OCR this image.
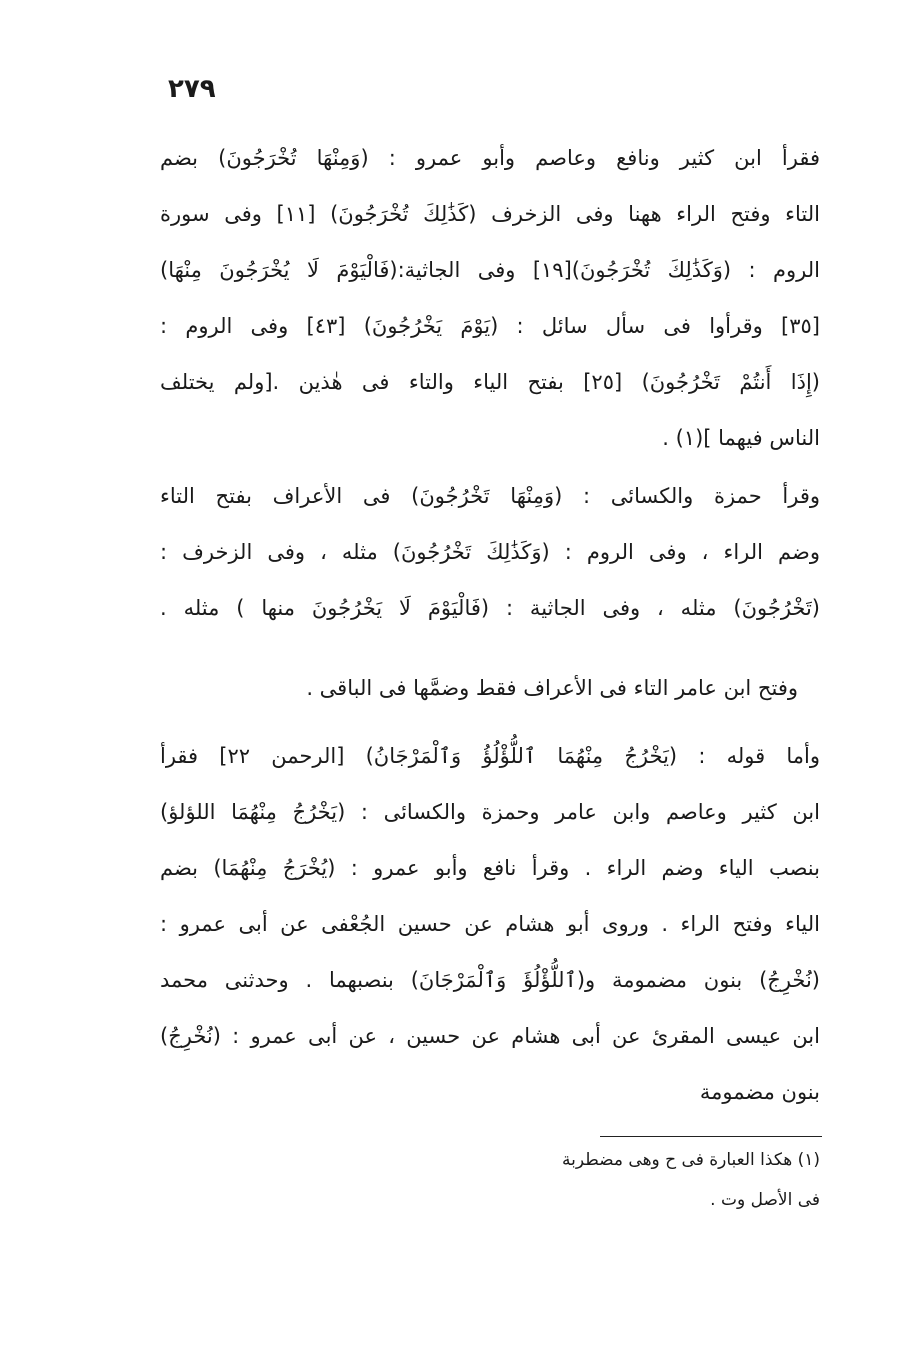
٢٧٩
فقرأ ابن كثير ونافع وعاصم وأبو عمرو : (وَمِنْهَا تُخْرَجُونَ) بضم
التاء وفتح الراء ههنا وفى الزخرف (كَذَٰلِكَ تُخْرَجُونَ) [١١] وفى سورة
الروم : (وَكَذَٰلِكَ تُخْرَجُونَ)[١٩] وفى الجاثية:(فَالْيَوْمَ لَا يُخْرَجُونَ مِنْهَا)
[٣٥] وقرأوا فى سأل سائل : (يَوْمَ يَخْرُجُونَ) [٤٣] وفى الروم :
(إِذَا أَنتُمْ تَخْرُجُونَ) [٢٥] بفتح الياء والتاء فى هٰذين .[ولم يختلف
الناس فيهما ](١) .
وقرأ حمزة والكسائى : (وَمِنْهَا تَخْرُجُونَ) فى الأعراف بفتح التاء
وضم الراء ، وفى الروم : (وَكَذَٰلِكَ تَخْرُجُونَ) مثله ، وفى الزخرف :
(تَخْرُجُونَ) مثله ، وفى الجاثية : (فَالْيَوْمَ لَا يَخْرُجُونَ منها ) مثله .
وفتح ابن عامر التاء فى الأعراف فقط وضمَّها فى الباقى .
وأما قوله : (يَخْرُجُ مِنْهُمَا ٱللُّؤْلُؤُ وَٱلْمَرْجَانُ) [الرحمن ٢٢] فقرأ
ابن كثير وعاصم وابن عامر وحمزة والكسائى : (يَخْرُجُ مِنْهُمَا اللؤلؤ)
بنصب الياء وضم الراء . وقرأ نافع وأبو عمرو : (يُخْرَجُ مِنْهُمَا) بضم
الياء وفتح الراء . وروى أبو هشام عن حسين الجُعْفى عن أبى عمرو :
(نُخْرِجُ) بنون مضمومة و(ٱللُّؤْلُؤَ وَٱلْمَرْجَانَ) بنصبهما . وحدثنى محمد
ابن عيسى المقرئ عن أبى هشام عن حسين ، عن أبى عمرو : (نُخْرِجُ)
بنون مضمومة
(١) هكذا العبارة فى ح وهى مضطربة
فى الأصل وت .
